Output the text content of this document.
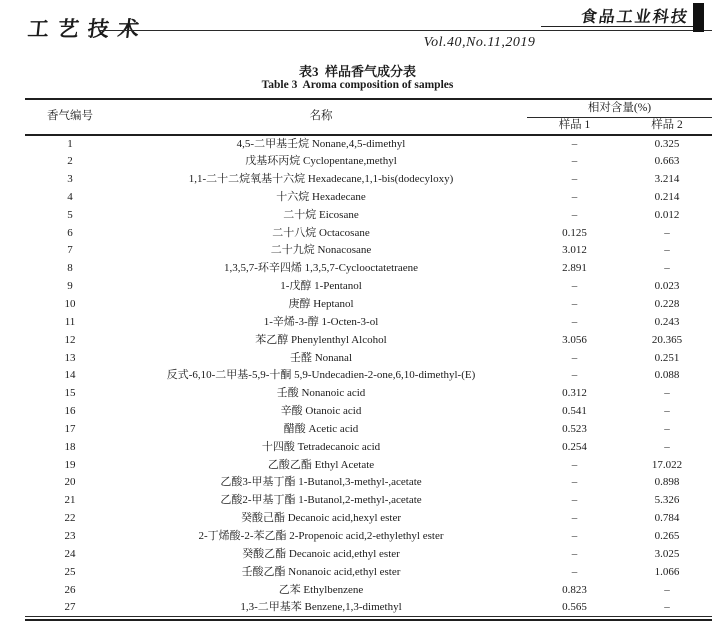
工艺技术	食品工业科技
Vol.40,No.11,2019
表3  样品香气成分表
Table 3  Aroma composition of samples
香气编号	名称	相对含量(%)	
		样品 1	样品 2
1	4,5-二甲基壬烷 Nonane,4,5-dimethyl	–	0.325
2	戊基环丙烷 Cyclopentane,methyl	–	0.663
3	1,1-二十二烷氧基十六烷 Hexadecane,1,1-bis(dodecyloxy)	–	3.214
4	十六烷 Hexadecane	–	0.214
5	二十烷 Eicosane	–	0.012
6	二十八烷 Octacosane	0.125	–
7	二十九烷 Nonacosane	3.012	–
8	1,3,5,7-环辛四烯 1,3,5,7-Cyclooctatetraene	2.891	–
9	1-戊醇 1-Pentanol	–	0.023
10	庚醇 Heptanol	–	0.228
11	1-辛烯-3-醇 1-Octen-3-ol	–	0.243
12	苯乙醇 Phenylenthyl Alcohol	3.056	20.365
13	壬醛 Nonanal	–	0.251
14	反式-6,10-二甲基-5,9-十酮 5,9-Undecadien-2-one,6,10-dimethyl-(E)	–	0.088
15	壬酸 Nonanoic acid	0.312	–
16	辛酸 Otanoic acid	0.541	–
17	醋酸 Acetic acid	0.523	–
18	十四酸 Tetradecanoic acid	0.254	–
19	乙酸乙酯 Ethyl Acetate	–	17.022
20	乙酸3-甲基丁酯 1-Butanol,3-methyl-,acetate	–	0.898
21	乙酸2-甲基丁酯 1-Butanol,2-methyl-,acetate	–	5.326
22	癸酸己酯 Decanoic acid,hexyl ester	–	0.784
23	2-丁烯酸-2-苯乙酯 2-Propenoic acid,2-ethylethyl ester	–	0.265
24	癸酸乙酯 Decanoic acid,ethyl ester	–	3.025
25	壬酸乙酯 Nonanoic acid,ethyl ester	–	1.066
26	乙苯 Ethylbenzene	0.823	–
27	1,3-二甲基苯 Benzene,1,3-dimethyl	0.565	–
